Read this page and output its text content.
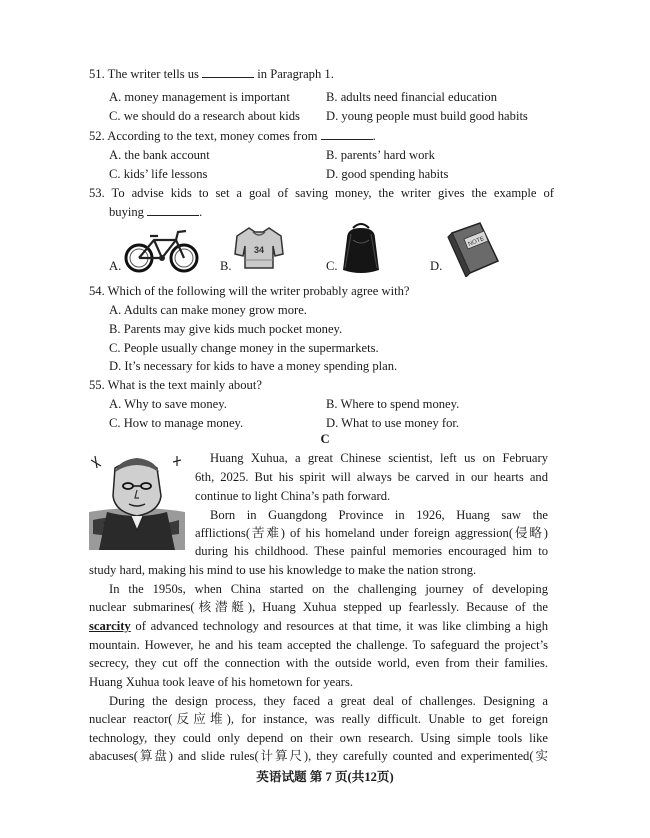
51. The writer tells us	in Paragraph 1.
A. money management is important	B. adults need financial education
C. we should do a research about kids D. young people must build good habits
52. According to the text, money comes from	.
A. the bank account	B. parents’ hard work
C. kids’ life lessons	D. good spending habits
53. To advise kids to set a goal of saving money, the writer gives the example of
buying	.
A.	B.	C.	D.
34
NOTE
54. Which of the following will the writer probably agree with?
A. Adults can make money grow more.
B. Parents may give kids much pocket money.
C. People usually change money in the supermarkets.
D. It’s necessary for kids to have a money spending plan.
55. What is the text mainly about?
A. Why to save money.	B. Where to spend money.
C. How to manage money.	D. What to use money for.
C
Huang Xuhua, a great Chinese scientist, left us on February
6th, 2025. But his spirit will always be carved in our hearts and
continue to light China’s path forward.
Born in Guangdong Province in 1926, Huang saw the
afflictions(苦难) of his homeland under foreign aggression(侵略)
during his childhood. These painful memories encouraged him to
study hard, making his mind to use his knowledge to make the nation strong.
In the 1950s, when China started on the challenging journey of developing
nuclear submarines(核潜艇), Huang Xuhua stepped up fearlessly. Because of the
scarcity of advanced technology and resources at that time, it was like climbing a high
mountain. However, he and his team accepted the challenge. To safeguard the project’s
secrecy, they cut off the connection with the outside world, even from their families.
Huang Xuhua took leave of his hometown for years.
During the design process, they faced a great deal of challenges. Designing a
nuclear reactor(反应堆), for instance, was really difficult. Unable to get foreign
technology, they could only depend on their own research. Using simple tools like
abacuses(算盘) and slide rules(计算尺), they carefully counted and experimented(实
英语试题 第 7 页(共12页)
